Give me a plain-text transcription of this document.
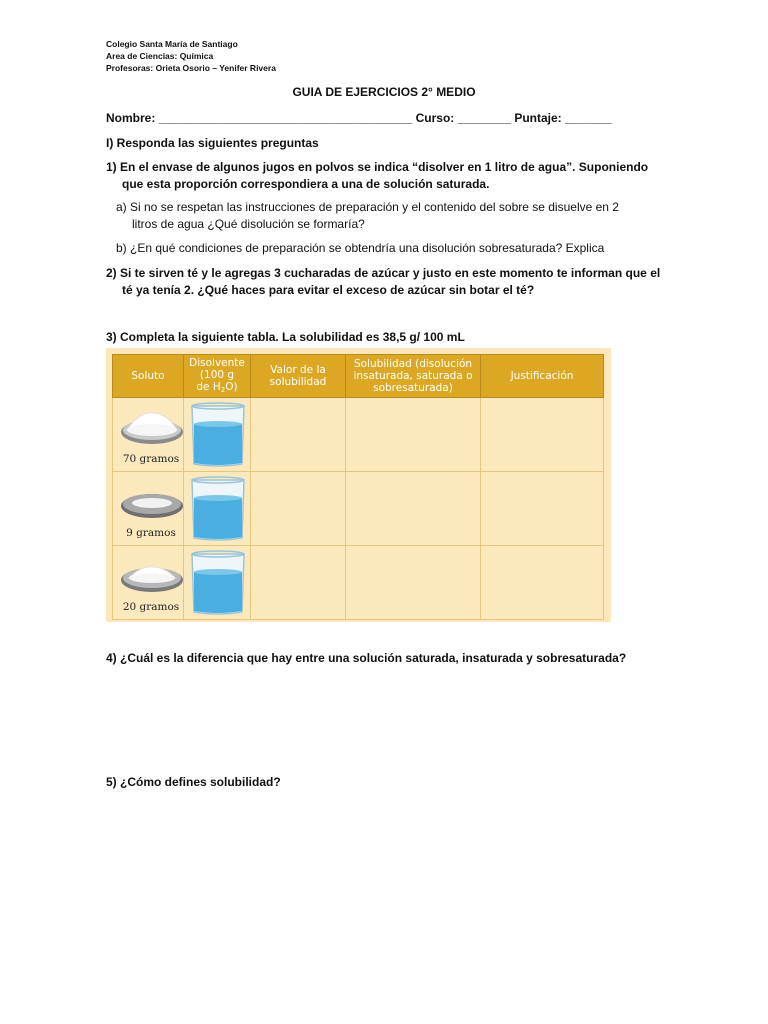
Colegio Santa María de Santiago
Area de Ciencias: Química
Profesoras: Orieta Osorio – Yenifer Rivera
GUIA DE EJERCICIOS 2° MEDIO
Nombre: ______________________________________ Curso: ________ Puntaje: _______
I) Responda las siguientes preguntas
1) En el envase de algunos jugos en polvos se indica “disolver en 1 litro de agua”. Suponiendo

que esta proporción correspondiera a una de solución saturada.
a) Si no se respetan las instrucciones de preparación y el contenido del sobre se disuelve en 2

litros de agua ¿Qué disolución se formaría?
b) ¿En qué condiciones de preparación se obtendría una disolución sobresaturada? Explica
2) Si te sirven té y le agregas 3 cucharadas de azúcar y justo en este momento te informan que el

té ya tenía 2. ¿Qué haces para evitar el exceso de azúcar sin botar el té?
3) Completa la siguiente tabla. La solubilidad es 38,5 g/ 100 mL
Soluto	Disolvente
(100 g
de $H_2O$)	Valor de la solubilidad	Solubilidad (disolución insaturada, saturada o sobresaturada)	Justificación

70 gramos

9 gramos

20 gramos

4) ¿Cuál es la diferencia que hay entre una solución saturada, insaturada y sobresaturada?
5) ¿Cómo defines solubilidad?
